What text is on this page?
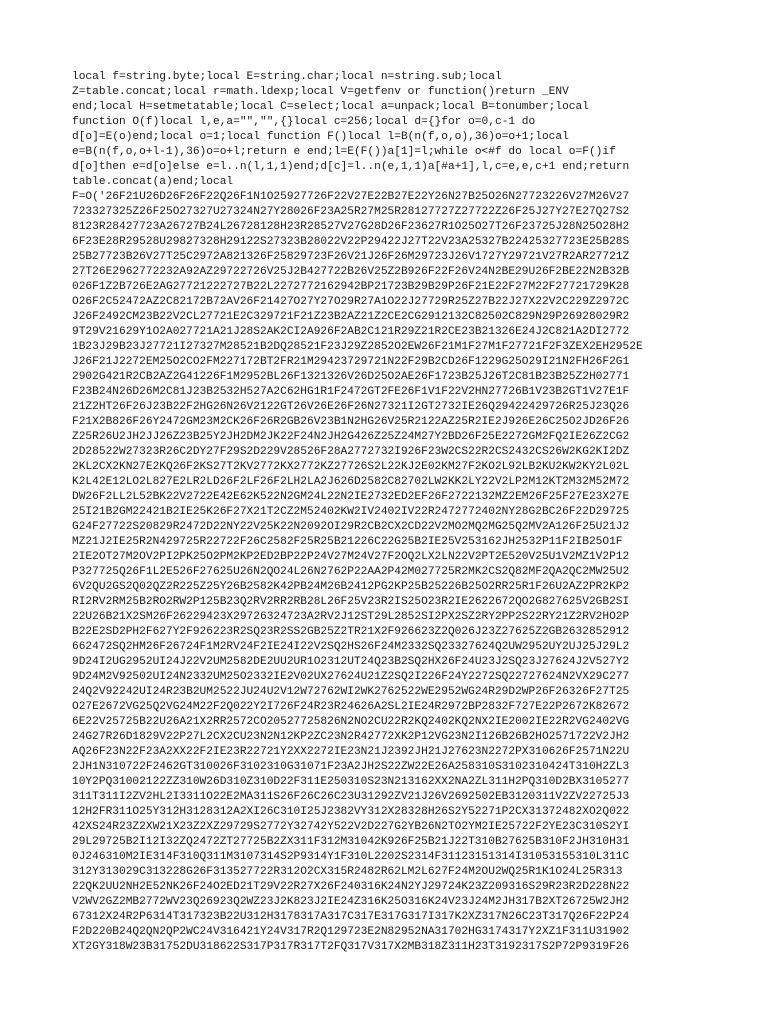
local f=string.byte;local E=string.char;local n=string.sub;local
Z=table.concat;local r=math.ldexp;local V=getfenv or function()return _ENV
end;local H=setmetatable;local C=select;local a=unpack;local B=tonumber;local
function O(f)local l,e,a="","",{}local c=256;local d={}for o=0,c-1 do
d[o]=E(o)end;local o=1;local function F()local l=B(n(f,o,o),36)o=o+1;local
e=B(n(f,o,o+l-1),36)o=o+l;return e end;l=E(F())a[1]=l;while o<#f do local o=F()if
d[o]then e=d[o]else e=l..n(l,1,1)end;d[c]=l..n(e,1,1)a[#a+1],l,c=e,e,c+1 end;return
table.concat(a)end;local
F=O('26F21U26D26F26F22Q26F1N1O25927726F22V27E22B27E22Y26N27B25O26N27723226V27M26V27
723327325Z26F25O27327U27324N27Y28026F23A25R27M25R28127727Z27722Z26F25J27Y27E27Q27S2
8123R28427723A26727B24L26728128H23R28527V27G28D26F23627R1O25O27T26F23725J28N25O28H2
6F23E28R29528U29827328H29122S27323B28022V22P29422J27T22V23A25327B22425327723E25B28S
25B27723B26V27T25C2972A821326F25829723F26V21J26F26M29723J26V1727Y29721V27R2AR27721Z
27T26E2962772232A92AZ29722726V25J2B427722B26V25Z2B926F22F26V24N2BE29U26F2BE22N2B32B
026F1Z2B726E2AG27721222727B22L2272772162942BP21723B29B29P26F21E22F27M22F27721729K28
O26F2C52472AZ2C82172B72AV26F21427O27Y27O29R27A1O22J27729R25Z27B22J27X22V2C229Z2972C
J26F2492CM23B22V2CL27721E2C329721F21Z23B2AZ21Z2CE2CG2912132C82502C829N29P26928029R2
9T29V21629Y1O2A027721A21J28S2AK2CI2A926F2AB2C121R29Z21R2CE23B21326E24J2C821A2DI2772
1B23J29B23J27721I27327M28521B2DQ28521F23J29Z2852O2EW26F21M1F27M1F27721F2F3ZEX2EH2952E
J26F21J2272EM25O2CO2FM227172BT2FR21M29423729721N22F29B2CD26F1229G25O29I21N2FH26F2G1
2902G421R2CB2AZ2G41226F1M2952BL26F1321326V26D25O2AE26F1723B25J26T2C81B23B25Z2H02771
F23B24N26D26M2C81J23B2532H527A2C62HG1R1F2472GT2FE26F1V1F22V2HN27726B1V23B2GT1V27E1F
21Z2HT26F26J23B22F2HG26N26V2122GT26V26E26F26N27321I2GT2732IE26Q29422429726R25J23Q26
F21X2B826F26Y2472GM23M2CK26F26R2GB26V23B1N2HG26V25R2122AZ25R2IE2J926E26C25O2JD26F26
Z25R26U2JH2JJ26Z23B25Y2JH2DM2JK22F24N2JH2G426Z25Z24M27Y2BD26F25E2272GM2FQ2IE26Z2CG2
2D28522W27323R26C2DY27F29S2D229V28526F28A2772732I926F23W2CS22R2CS2432CS26W2KG2KI2DZ
2KL2CX2KN27E2KQ26F2KS27T2KV2772KX2772KZ27726S2L22KJ2E02KM27F2KO2L92LB2KU2KW2KY2L02L
K2L42E12LO2L827E2LR2LD26F2LF26F2LH2LA2J626D2582C82702LW2KK2LY22V2LP2M12KT2M32M52M72
DW26F2LL2L52BK22V2722E42E62K522N2GM24L22N2IE2732ED2EF26F2722132MZ2EM26F25F27E23X27E
25I21B2GM22421B2IE25K26F27X21T2CZ2M52402KW2IV2402IV22R2472772402NY28G2BC26F22D29725
G24F27722S20829R2472D22NY22V25K22N2092OI29R2CB2CX2CD22V2MO2MQ2MG25Q2MV2A126F25U21J2
MZ21J2IE25R2N429725R22722F26C2582F25R25B21226C22G25B2IE25V253162JH2532P11F2IB25O1F
2IE2OT27M2OV2PI2PK25O2PM2KP2ED2BP22P24V27M24V27F2OQ2LX2LN22V2PT2E520V25U1V2MZ1V2P12
P327725Q26F1L2E526F27625U26N2QO24L26N2762P22AA2P42M027725R2MK2CS2Q82MF2QA2QC2MW25U2
6V2QU2GS2Q02QZ2R225Z25Y26B2582K42PB24M26B2412PG2KP25B25226B25O2RR25R1F26U2AZ2PR2KP2
RI2RV2RM25B2RO2RW2P125B23Q2RV2RR2RB28L26F25V23R2IS25O23R2IE2622672QO2G827625V2GB2SI
22U26B21X2SM26F26229423X29726324723A2RV2J12ST29L2852SI2PX2SZ2RY2PP2S22RY21Z2RV2HO2P
B22E2SD2PH2F627Y2F926223R2SQ23R2SS2GB25Z2TR21X2F926623Z2Q026J23Z27625Z2GB2632852912
662472SQ2HM26F26724F1M2RV24F2IE24I22V2SQ2HS26F24M2332SQ23327624Q2UW2952UY2UJ25J29L2
9D24I2UG2952UI24J22V2UM2582DE2UU2UR1O2312UT24Q23B2SQ2HX26F24U23J2SQ23J27624J2V527Y2
9D24M2V92502UI24N2332UM25O2332IE2V02UX27624U21Z2SQ2I226F24Y2272SQ22727624N2VX29C277
24Q2V92242UI24R23B2UM2522JU24U2V12W72762WI2WK2762522WE2952WG24R29D2WP26F26326F27T25
O27E2672VG25Q2VG24M22F2Q022Y2I726F24R23R24626A2SL2IE24R2972BP2832F727E22P2672K82672
6E22V25725B22U26A21X2RR2572CO20527725826N2NO2CU22R2KQ2402KQ2NX2IE2002IE22R2VG2402VG
24G27R26D1829V22P27L2CX2CU23N2N12KP2ZC23N2R42772XK2P12VG23N2I126B26B2HO2571722V2JH2
AQ26F23N22F23A2XX22F2IE23R22721Y2XX2272IE23N21J2392JH21J27623N2272PX310626F2571N22U
2JH1N310722F2462GT310026F3102310G31071F23A2JH2S22ZW22E26A258310S3102310424T310H2ZL3
10Y2PQ31002122ZZ310W26D310Z310D22F311E250310S23N213162XX2NA2ZL311H2PQ310D2BX3105277
311T311I2ZV2HL2I3311O22E2MA311S26F26C26C23U31292ZV21J26V2692502EB3120311V2ZV22725J3
12H2FR311O25Y312H3128312A2XI26C310I25J2382VY312X28328H26S2Y52271P2CX31372482XO2Q022
42XS24R23Z2XW21X23Z2XZ29729S2772Y32742Y522V2D227G2YB26N2TO2YM2IE25722F2YE23C310S2YI
29L29725B2I12I32ZQ2472ZT27725B2ZX311F312M31042K926F25B21J22T310B27625B310F2JH310H31
0J246310M2IE314F310Q311M3107314S2P9314Y1F310L2202S2314F31123151314I31053155310L311C
312Y313029C313228G26F313527722R312O2CX315R2482R62LM2L627F24M2OU2WQ25R1K1O24L25R313
22QK2UU2NH2E52NK26F24O2ED21T29V22R27X26F240316K24N2YJ29724K23Z209316S29R23R2D228N22
V2WV2GZ2MB2772WV23Q26923Q2WZ23J2K823J2IE24Z316K25O316K24V23J24M2JH317B2XT26725W2JH2
67312X24R2P6314T317323B22U312H3178317A317C317E317G317I317K2XZ317N26C23T317Q26F22P24
F2D220B24Q2QN2QP2WC24V316421Y24V317R2Q129723E2N82952NA31702HG3174317Y2XZ1F311U31902
XT2GY318W23B31752DU318622S317P317R317T2FQ317V317X2MB318Z311H23T3192317S2P72P9319F26
